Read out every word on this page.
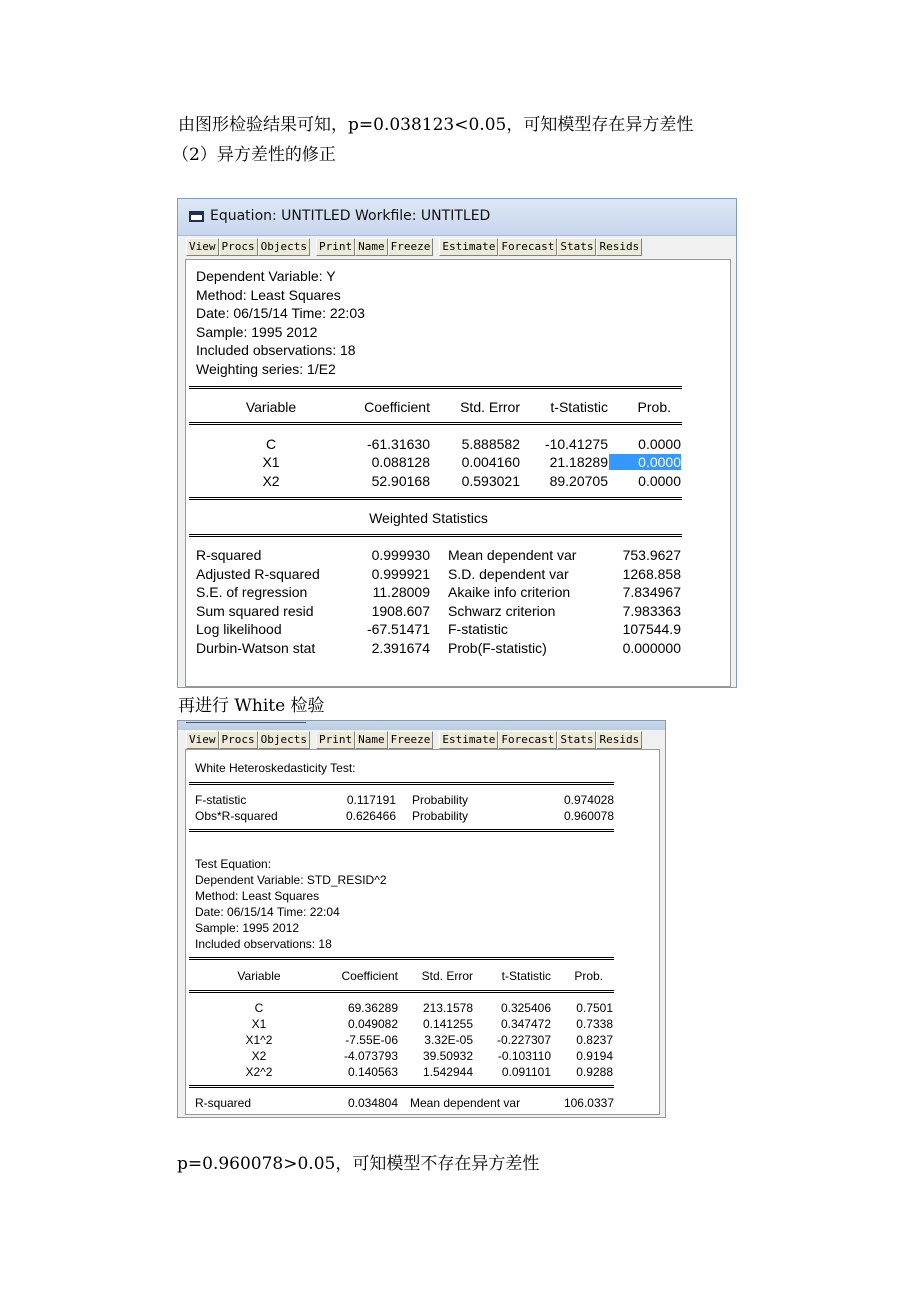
由图形检验结果可知，p=0.038123<0.05，可知模型存在异方差性
（2）异方差性的修正
Equation: UNTITLED Workfile: UNTITLED
View Procs Objects Print Name Freeze Estimate Forecast Stats Resids
Dependent Variable: Y
Method: Least Squares
Date: 06/15/14 Time: 22:03
Sample: 1995 2012
Included observations: 18
Weighting series: 1/E2
Variable	Coefficient	Std. Error	t-Statistic	Prob.
C	-61.31630	5.888582	-10.41275	0.0000
X1	0.088128	0.004160	21.18289	0.0000
X2	52.90168	0.593021	89.20705	0.0000
Weighted Statistics
R-squared	0.999930 Mean dependent var	753.9627
Adjusted R-squared	0.999921 S.D. dependent var	1268.858
S.E. of regression	11.28009 Akaike info criterion	7.834967
Sum squared resid	1908.607 Schwarz criterion	7.983363
Log likelihood	-67.51471 F-statistic	107544.9
Durbin-Watson stat	2.391674 Prob(F-statistic)	0.000000
再进行 White 检验
View Procs Objects Print Name Freeze Estimate Forecast Stats Resids
White Heteroskedasticity Test:
F-statistic	0.117191 Probability	0.974028
Obs*R-squared	0.626466 Probability	0.960078
Test Equation:
Dependent Variable: STD_RESID^2
Method: Least Squares
Date: 06/15/14 Time: 22:04
Sample: 1995 2012
Included observations: 18
Variable	Coefficient	Std. Error	t-Statistic	Prob.
C	69.36289	213.1578	0.325406	0.7501
X1	0.049082	0.141255	0.347472	0.7338
X1^2	-7.55E-06	3.32E-05	-0.227307	0.8237
X2	-4.073793	39.50932	-0.103110	0.9194
X2^2	0.140563	1.542944	0.091101	0.9288
R-squared	0.034804 Mean dependent var	106.0337
p=0.960078>0.05，可知模型不存在异方差性
